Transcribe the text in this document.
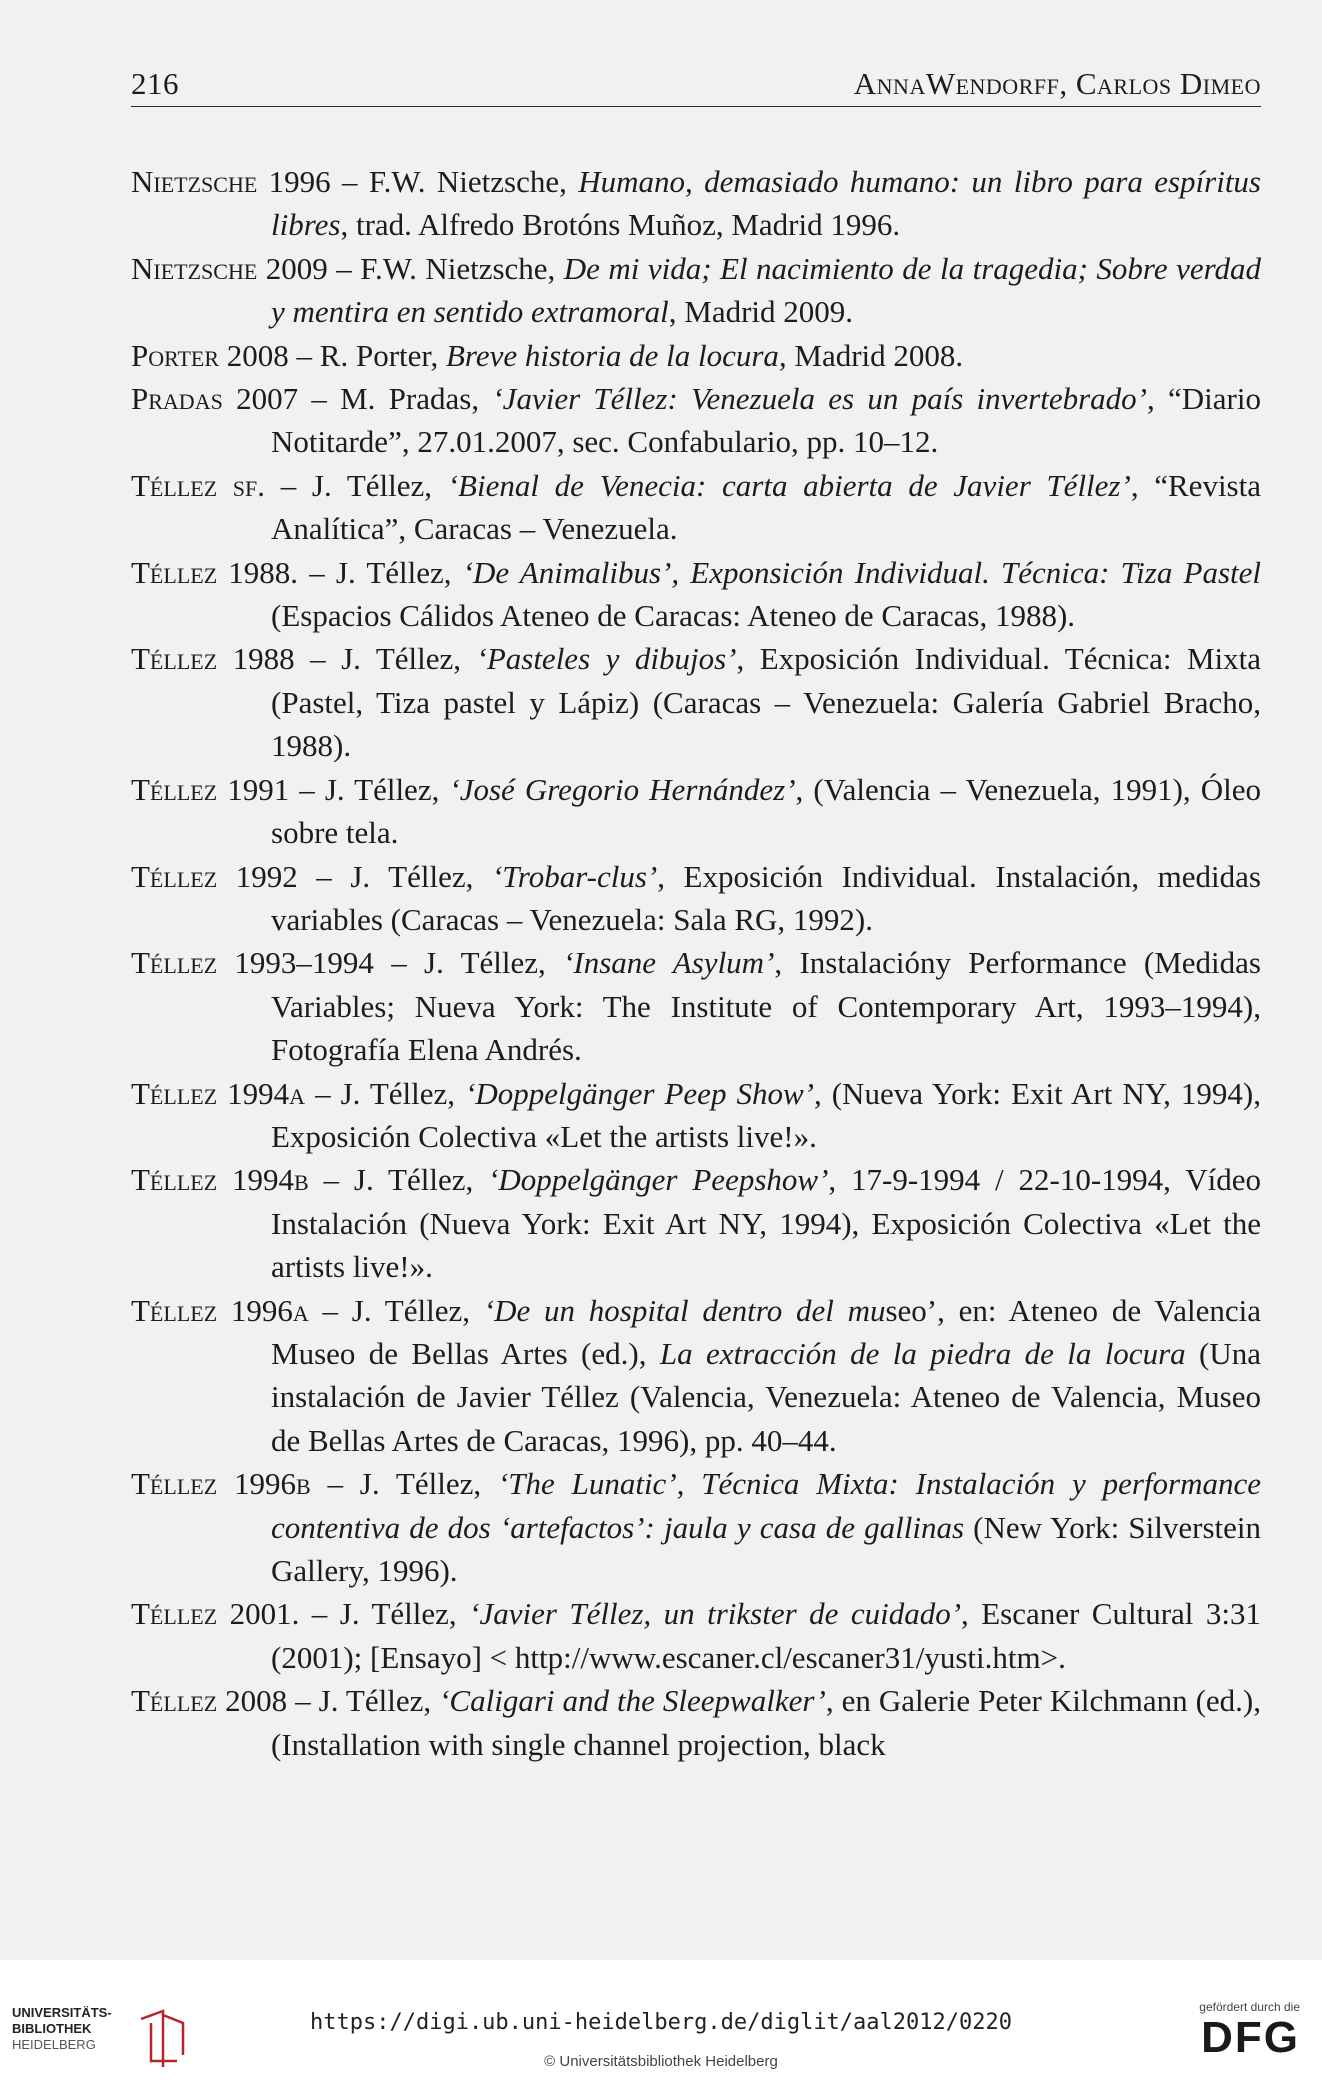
216	AnnaWendorff, Carlos Dimeo

Nietzsche 1996 – F.W. Nietzsche, Humano, demasiado humano: un libro para espíritus libres, trad. Alfredo Brotóns Muñoz, Madrid 1996.

Nietzsche 2009 – F.W. Nietzsche, De mi vida; El nacimiento de la tragedia; Sobre verdad y mentira en sentido extramoral, Madrid 2009.

Porter 2008 – R. Porter, Breve historia de la locura, Madrid 2008.

Pradas 2007 – M. Pradas, ‘Javier Téllez: Venezuela es un país invertebrado’, “Diario Notitarde”, 27.01.2007, sec. Confabulario, pp. 10–12.

Téllez sf. – J. Téllez, ‘Bienal de Venecia: carta abierta de Javier Téllez’, “Revista Analítica”, Caracas – Venezuela.

Téllez 1988. – J. Téllez, ‘De Animalibus’, Exponsición Individual. Técnica: Tiza Pastel (Espacios Cálidos Ateneo de Caracas: Ateneo de Caracas, 1988).

Téllez 1988 – J. Téllez, ‘Pasteles y dibujos’, Exposición Individual. Técnica: Mixta (Pastel, Tiza pastel y Lápiz) (Caracas – Venezuela: Galería Gabriel Bracho, 1988).

Téllez 1991 – J. Téllez, ‘José Gregorio Hernández’, (Valencia – Venezuela, 1991), Óleo sobre tela.

Téllez 1992 – J. Téllez, ‘Trobar-clus’, Exposición Individual. Instalación, medidas variables (Caracas – Venezuela: Sala RG, 1992).

Téllez 1993–1994 – J. Téllez, ‘Insane Asylum’, Instalacióny Performance (Medidas Variables; Nueva York: The Institute of Contemporary Art, 1993–1994), Fotografía Elena Andrés.

Téllez 1994a – J. Téllez, ‘Doppelgänger Peep Show’, (Nueva York: Exit Art NY, 1994), Exposición Colectiva «Let the artists live!».

Téllez 1994b – J. Téllez, ‘Doppelgänger Peepshow’, 17-9-1994 / 22-10-1994, Vídeo Instalación (Nueva York: Exit Art NY, 1994), Exposición Colectiva «Let the artists live!».

Téllez 1996a – J. Téllez, ‘De un hospital dentro del museo’, en: Ateneo de Valencia Museo de Bellas Artes (ed.), La extracción de la piedra de la locura (Una instalación de Javier Téllez (Valencia, Venezuela: Ateneo de Valencia, Museo de Bellas Artes de Caracas, 1996), pp. 40–44.

Téllez 1996b – J. Téllez, ‘The Lunatic’, Técnica Mixta: Instalación y performance contentiva de dos ‘artefactos’: jaula y casa de gallinas (New York: Silverstein Gallery, 1996).

Téllez 2001. – J. Téllez, ‘Javier Téllez, un trikster de cuidado’, Escaner Cultural 3:31 (2001); [Ensayo] < http://www.escaner.cl/escaner31/yusti.htm>.

Téllez 2008 – J. Téllez, ‘Caligari and the Sleepwalker’, en Galerie Peter Kilchmann (ed.), (Installation with single channel projection, black

UNIVERSITÄTS-
BIBLIOTHEK
HEIDELBERG
https://digi.ub.uni-heidelberg.de/diglit/aal2012/0220
© Universitätsbibliothek Heidelberg
gefördert durch die
DFG
